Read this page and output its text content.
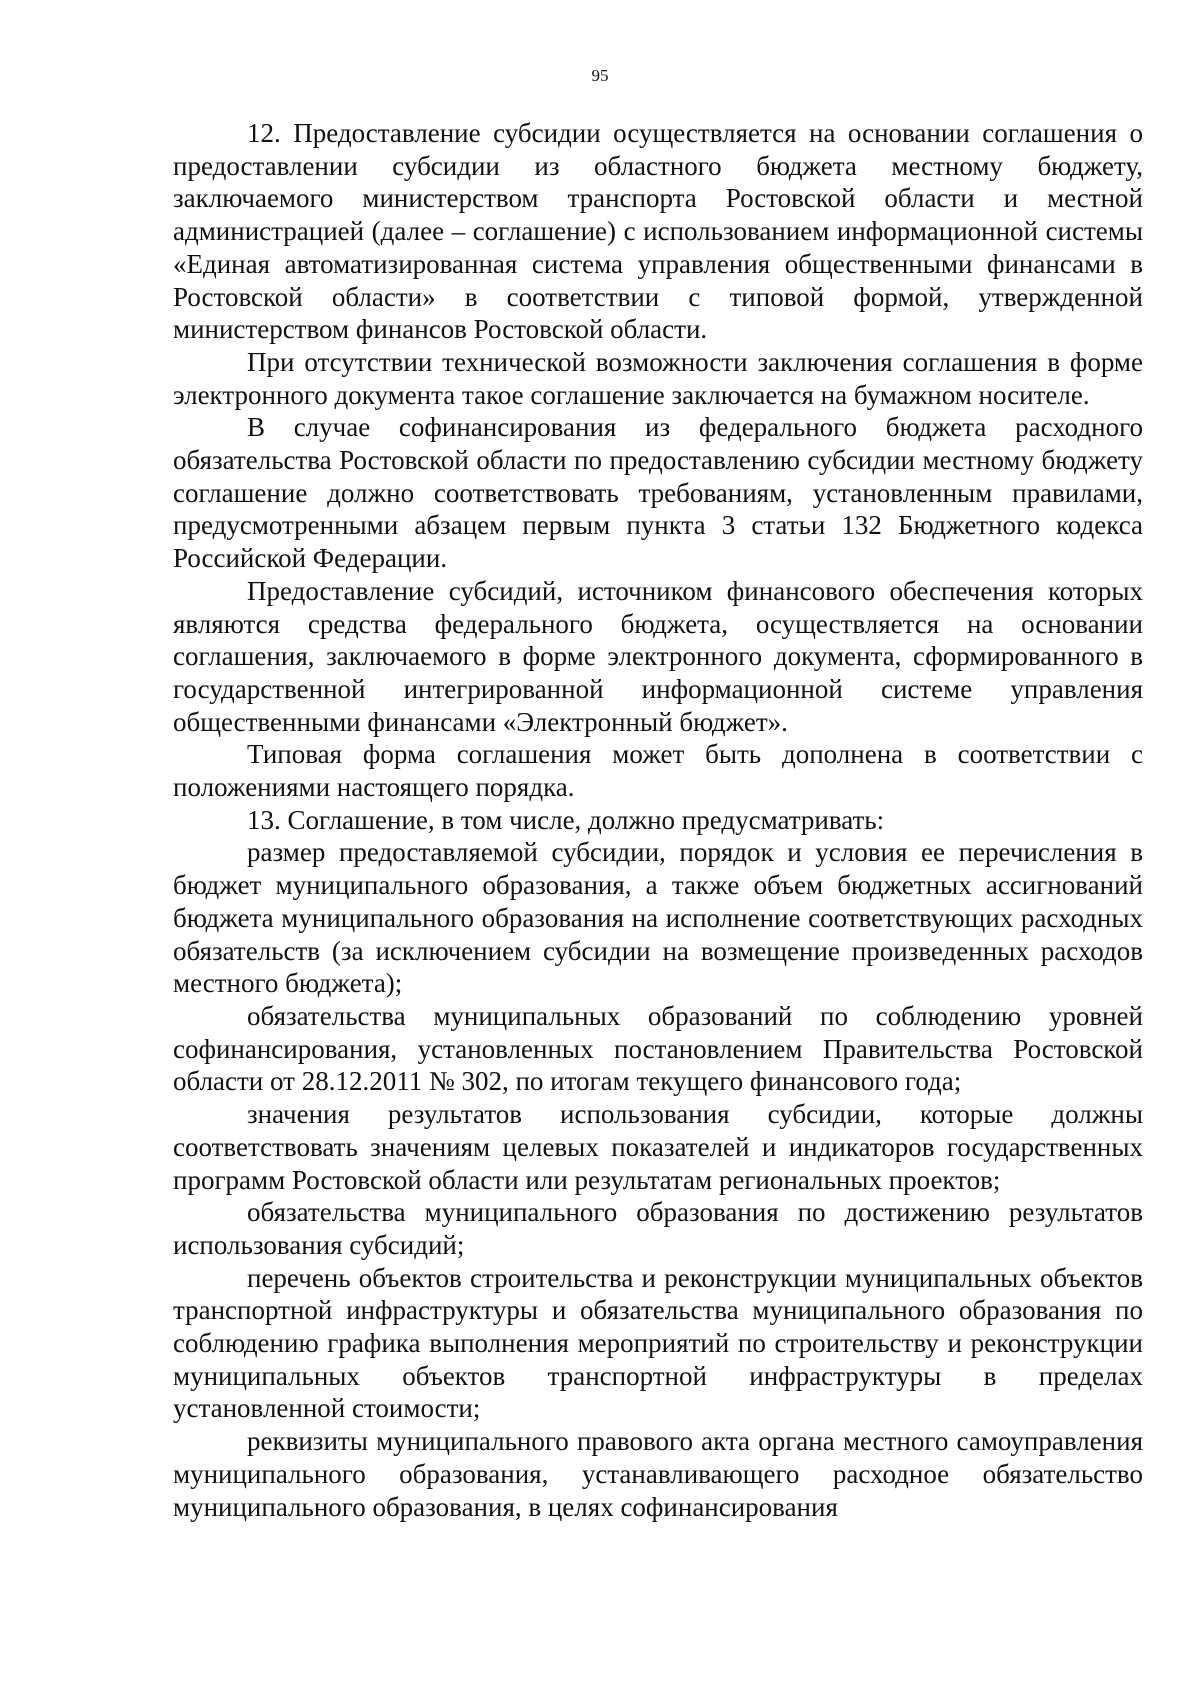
95

12. Предоставление субсидии осуществляется на основании соглашения о предоставлении субсидии из областного бюджета местному бюджету, заключаемого министерством транспорта Ростовской области и местной администрацией (далее – соглашение) с использованием информационной системы «Единая автоматизированная система управления общественными финансами в Ростовской области» в соответствии с типовой формой, утвержденной министерством финансов Ростовской области.

При отсутствии технической возможности заключения соглашения в форме электронного документа такое соглашение заключается на бумажном носителе.

В случае софинансирования из федерального бюджета расходного обязательства Ростовской области по предоставлению субсидии местному бюджету соглашение должно соответствовать требованиям, установленным правилами, предусмотренными абзацем первым пункта 3 статьи 132 Бюджетного кодекса Российской Федерации.

Предоставление субсидий, источником финансового обеспечения которых являются средства федерального бюджета, осуществляется на основании соглашения, заключаемого в форме электронного документа, сформированного в государственной интегрированной информационной системе управления общественными финансами «Электронный бюджет».

Типовая форма соглашения может быть дополнена в соответствии с положениями настоящего порядка.

13. Соглашение, в том числе, должно предусматривать:

размер предоставляемой субсидии, порядок и условия ее перечисления в бюджет муниципального образования, а также объем бюджетных ассигнований бюджета муниципального образования на исполнение соответствующих расходных обязательств (за исключением субсидии на возмещение произведенных расходов местного бюджета);

обязательства муниципальных образований по соблюдению уровней софинансирования, установленных постановлением Правительства Ростовской области от 28.12.2011 № 302, по итогам текущего финансового года;

значения результатов использования субсидии, которые должны соответствовать значениям целевых показателей и индикаторов государственных программ Ростовской области или результатам региональных проектов;

обязательства муниципального образования по достижению результатов использования субсидий;

перечень объектов строительства и реконструкции муниципальных объектов транспортной инфраструктуры и обязательства муниципального образования по соблюдению графика выполнения мероприятий по строительству и реконструкции муниципальных объектов транспортной инфраструктуры в пределах установленной стоимости;

реквизиты муниципального правового акта органа местного самоуправления муниципального образования, устанавливающего расходное обязательство муниципального образования, в целях софинансирования
